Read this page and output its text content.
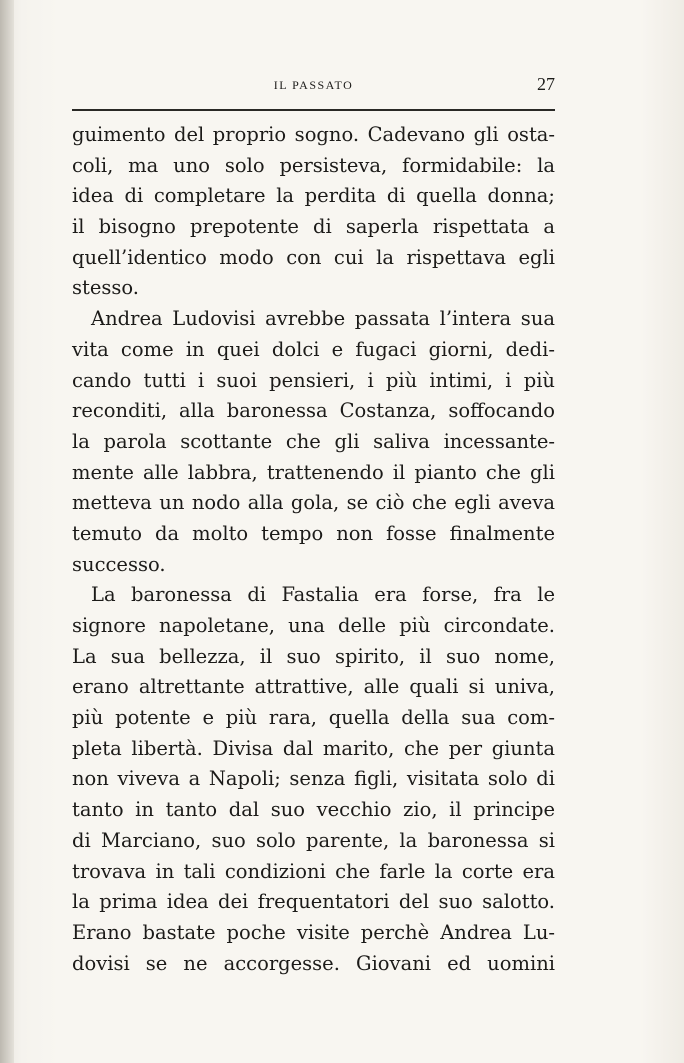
IL PASSATO	27
guimento del proprio sogno. Cadevano gli osta-
coli, ma uno solo persisteva, formidabile: la
idea di completare la perdita di quella donna;
il bisogno prepotente di saperla rispettata a
quell’identico modo con cui la rispettava egli
stesso.
Andrea Ludovisi avrebbe passata l’intera sua
vita come in quei dolci e fugaci giorni, dedi-
cando tutti i suoi pensieri, i più intimi, i più
reconditi, alla baronessa Costanza, soffocando
la parola scottante che gli saliva incessante-
mente alle labbra, trattenendo il pianto che gli
metteva un nodo alla gola, se ciò che egli aveva
temuto da molto tempo non fosse finalmente
successo.
La baronessa di Fastalia era forse, fra le
signore napoletane, una delle più circondate.
La sua bellezza, il suo spirito, il suo nome,
erano altrettante attrattive, alle quali si univa,
più potente e più rara, quella della sua com-
pleta libertà. Divisa dal marito, che per giunta
non viveva a Napoli; senza figli, visitata solo di
tanto in tanto dal suo vecchio zio, il principe
di Marciano, suo solo parente, la baronessa si
trovava in tali condizioni che farle la corte era
la prima idea dei frequentatori del suo salotto.
Erano bastate poche visite perchè Andrea Lu-
dovisi se ne accorgesse. Giovani ed uomini
